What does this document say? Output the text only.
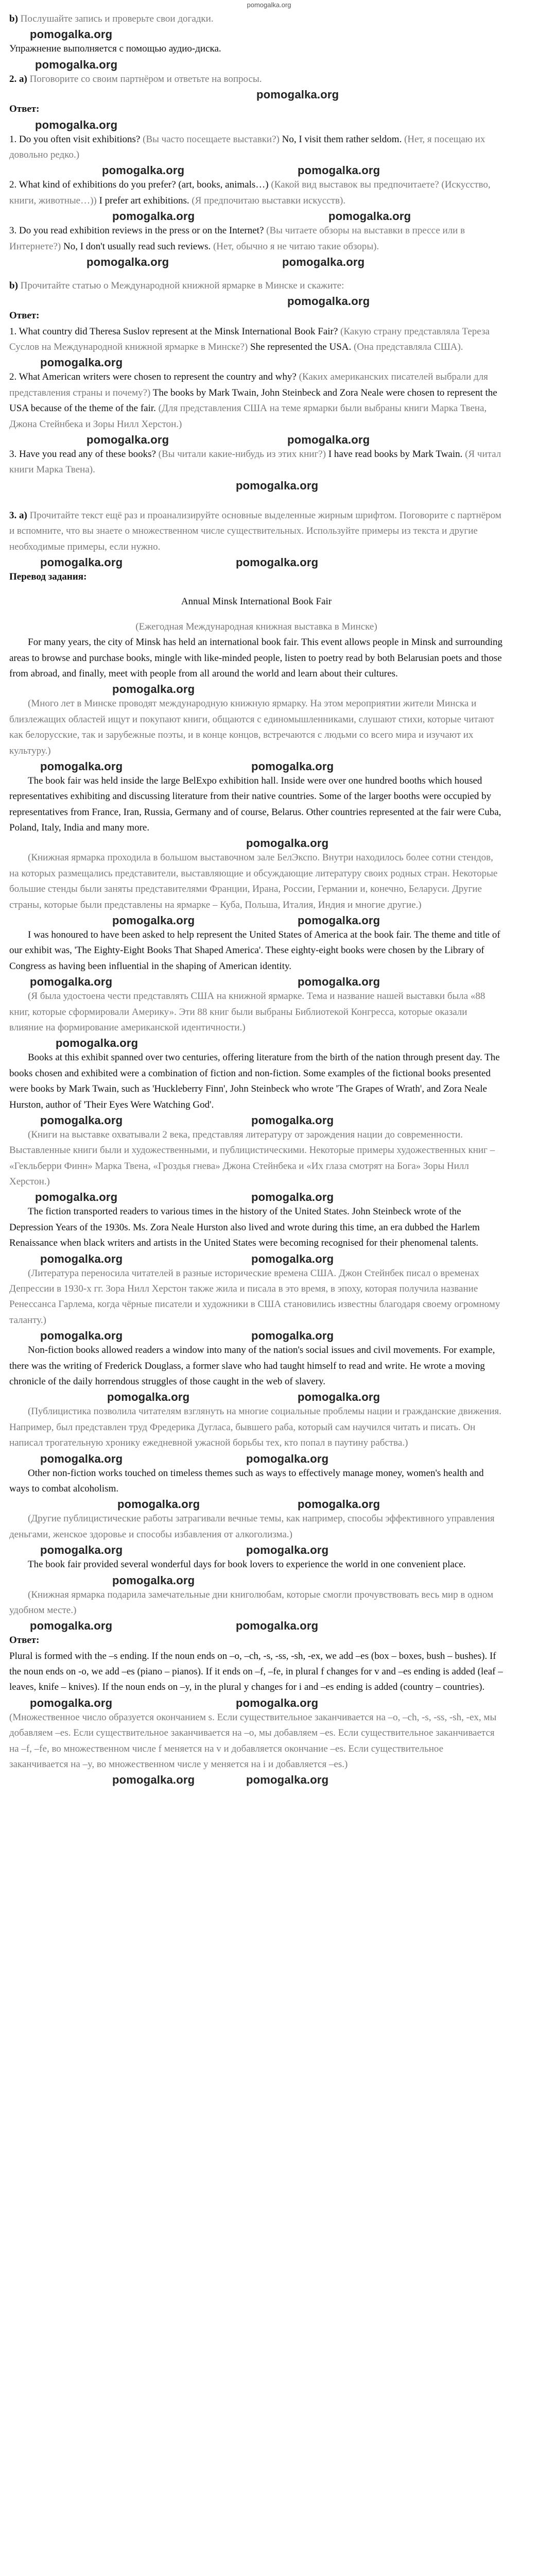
pomogalka.org

b) Послушайте запись и проверьте свои догадки.

pomogalka.org

Упражнение выполняется с помощью аудио-диска.

pomogalka.org

2. a) Поговорите со своим партнёром и ответьте на вопросы.

pomogalka.org

Ответ:

pomogalka.org

1. Do you often visit exhibitions? (Вы часто посещаете выставки?) No, I visit them rather seldom. (Нет, я посещаю их довольно редко.)

pomogalka.org	pomogalka.org

2. What kind of exhibitions do you prefer? (art, books, animals…) (Какой вид выставок вы предпочитаете? (Искусство, книги, животные…)) I prefer art exhibitions. (Я предпочитаю выставки искусств).

pomogalka.org	pomogalka.org

3. Do you read exhibition reviews in the press or on the Internet? (Вы читаете обзоры на выставки в прессе или в Интернете?) No, I don't usually read such reviews. (Нет, обычно я не читаю такие обзоры).

pomogalka.org	pomogalka.org

b) Прочитайте статью о Международной книжной ярмарке в Минске и скажите:

pomogalka.org

Ответ:

1. What country did Theresa Suslov represent at the Minsk International Book Fair? (Какую страну представляла Тереза Суслов на Международной книжной ярмарке в Минске?) She represented the USA. (Она представляла США).

pomogalka.org

2. What American writers were chosen to represent the country and why? (Каких американских писателей выбрали для представления страны и почему?) The books by Mark Twain, John Steinbeck and Zora Neale were chosen to represent the USA because of the theme of the fair. (Для представления США на теме ярмарки были выбраны книги Марка Твена, Джона Стейнбека и Зоры Нилл Херстон.)

pomogalka.org	pomogalka.org

3. Have you read any of these books? (Вы читали какие-нибудь из этих книг?) I have read books by Mark Twain. (Я читал книги Марка Твена).

pomogalka.org

3. a) Прочитайте текст ещё раз и проанализируйте основные выделенные жирным шрифтом. Поговорите с партнёром и вспомните, что вы знаете о множественном числе существительных. Используйте примеры из текста и другие необходимые примеры, если нужно.

pomogalka.org	pomogalka.org

Перевод задания:

Annual Minsk International Book Fair

(Ежегодная Международная книжная выставка в Минске)

For many years, the city of Minsk has held an international book fair. This event allows people in Minsk and surrounding areas to browse and purchase books, mingle with like-minded people, listen to poetry read by both Belarusian poets and those from abroad, and finally, meet with people from all around the world and learn about their cultures.

pomogalka.org

(Много лет в Минске проводят международную книжную ярмарку. На этом мероприятии жители Минска и близлежащих областей ищут и покупают книги, общаются с единомышленниками, слушают стихи, которые читают как белорусские, так и зарубежные поэты, и в конце концов, встречаются с людьми со всего мира и изучают их культуру.)

pomogalka.org	pomogalka.org

The book fair was held inside the large BelExpo exhibition hall. Inside were over one hundred booths which housed representatives exhibiting and discussing literature from their native countries. Some of the larger booths were occupied by representatives from France, Iran, Russia, Germany and of course, Belarus. Other countries represented at the fair were Cuba, Poland, Italy, India and many more.

pomogalka.org

(Книжная ярмарка проходила в большом выставочном зале БелЭкспо. Внутри находилось более сотни стендов, на которых размещались представители, выставляющие и обсуждающие литературу своих родных стран. Некоторые большие стенды были заняты представителями Франции, Ирана, России, Германии и, конечно, Беларуси. Другие страны, которые были представлены на ярмарке – Куба, Польша, Италия, Индия и многие другие.)

pomogalka.org	pomogalka.org

I was honoured to have been asked to help represent the United States of America at the book fair. The theme and title of our exhibit was, 'The Eighty-Eight Books That Shaped America'. These eighty-eight books were chosen by the Library of Congress as having been influential in the shaping of American identity.

pomogalka.org	pomogalka.org

(Я была удостоена чести представлять США на книжной ярмарке. Тема и название нашей выставки была «88 книг, которые сформировали Америку». Эти 88 книг были выбраны Библиотекой Конгресса, которые оказали влияние на формирование американской идентичности.)

pomogalka.org

Books at this exhibit spanned over two centuries, offering literature from the birth of the nation through present day. The books chosen and exhibited were a combination of fiction and non-fiction. Some examples of the fictional books presented were books by Mark Twain, such as 'Huckleberry Finn', John Steinbeck who wrote 'The Grapes of Wrath', and Zora Neale Hurston, author of 'Their Eyes Were Watching God'.

pomogalka.org	pomogalka.org

(Книги на выставке охватывали 2 века, представляя литературу от зарождения нации до современности. Выставленные книги были и художественными, и публицистическими. Некоторые примеры художественных книг – «Гекльберри Финн» Марка Твена, «Гроздья гнева» Джона Стейнбека и «Их глаза смотрят на Бога» Зоры Нилл Херстон.)

pomogalka.org	pomogalka.org

The fiction transported readers to various times in the history of the United States. John Steinbeck wrote of the Depression Years of the 1930s. Ms. Zora Neale Hurston also lived and wrote during this time, an era dubbed the Harlem Renaissance when black writers and artists in the United States were becoming recognised for their phenomenal talents.

pomogalka.org	pomogalka.org

(Литература переносила читателей в разные исторические времена США. Джон Стейнбек писал о временах Депрессии в 1930-х гг. Зора Нилл Херстон также жила и писала в это время, в эпоху, которая получила название Ренессанса Гарлема, когда чёрные писатели и художники в США становились известны благодаря своему огромному таланту.)

pomogalka.org	pomogalka.org

Non-fiction books allowed readers a window into many of the nation's social issues and civil movements. For example, there was the writing of Frederick Douglass, a former slave who had taught himself to read and write. He wrote a moving chronicle of the daily horrendous struggles of those caught in the web of slavery.

pomogalka.org	pomogalka.org

(Публицистика позволила читателям взглянуть на многие социальные проблемы нации и гражданские движения. Например, был представлен труд Фредерика Дугласа, бывшего раба, который сам научился читать и писать. Он написал трогательную хронику ежедневной ужасной борьбы тех, кто попал в паутину рабства.)

pomogalka.org	pomogalka.org

Other non-fiction works touched on timeless themes such as ways to effectively manage money, women's health and ways to combat alcoholism.

pomogalka.org	pomogalka.org

(Другие публицистические работы затрагивали вечные темы, как например, способы эффективного управления деньгами, женское здоровье и способы избавления от алкоголизма.)

pomogalka.org	pomogalka.org

The book fair provided several wonderful days for book lovers to experience the world in one convenient place.

pomogalka.org

(Книжная ярмарка подарила замечательные дни книголюбам, которые смогли прочувствовать весь мир в одном удобном месте.)

pomogalka.org	pomogalka.org

Ответ:

Plural is formed with the –s ending. If the noun ends on –o, –ch, -s, -ss, -sh, -ex, we add –es (box – boxes, bush – bushes). If the noun ends on -o, we add –es (piano – pianos). If it ends on –f, –fe, in plural f changes for v and –es ending is added (leaf – leaves, knife – knives). If the noun ends on –y, in the plural y changes for i and –es ending is added (country – countries).

pomogalka.org	pomogalka.org

(Множественное число образуется окончанием s. Если существительное заканчивается на –o, –ch, -s, -ss, -sh, -ex, мы добавляем –es. Если существительное заканчивается на –о, мы добавляем –es. Если существительное заканчивается на –f, –fe, во множественном числе f меняется на v и добавляется окончание –es. Если существительное заканчивается на –y, во множественном числе y меняется на i и добавляется –es.)

pomogalka.org	pomogalka.org
